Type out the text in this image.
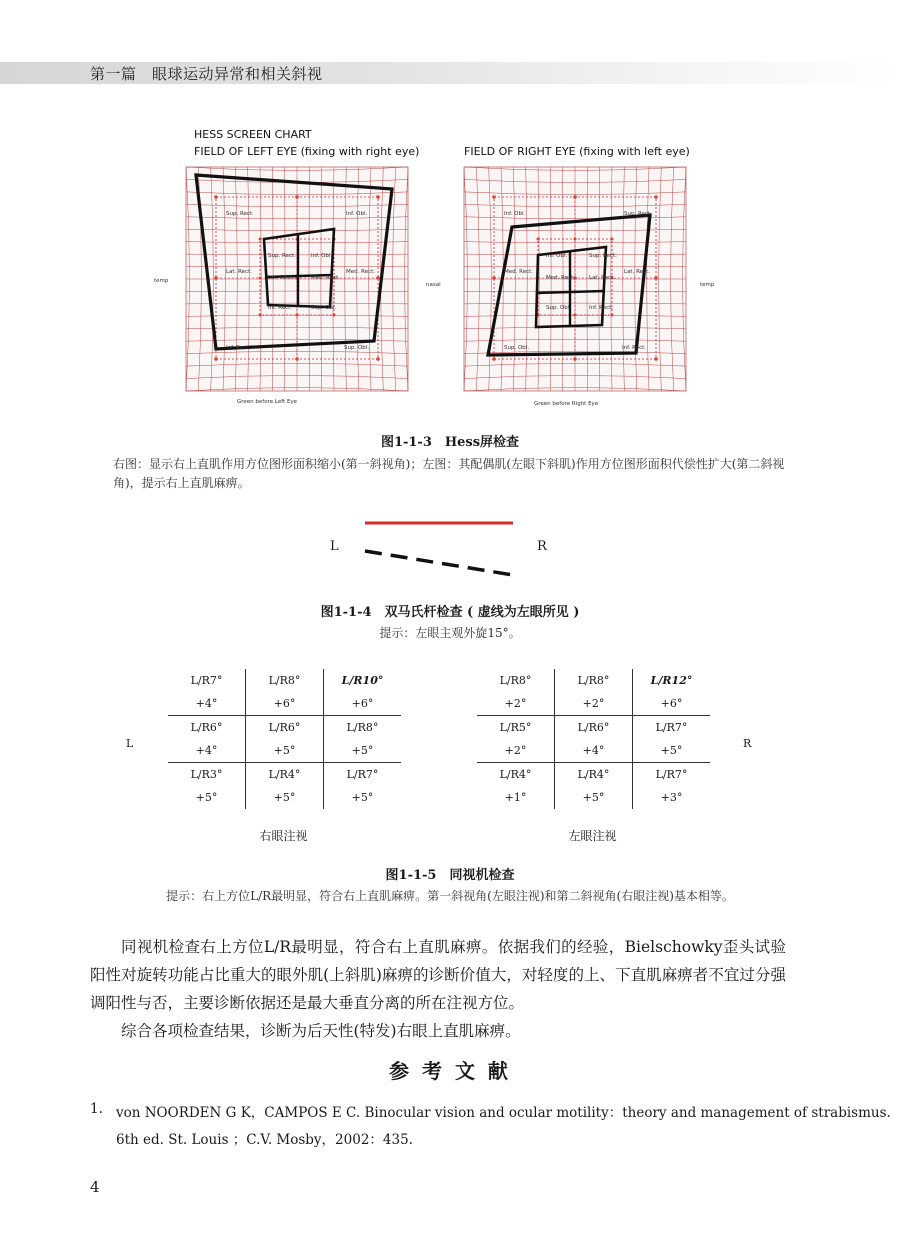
第一篇　眼球运动异常和相关斜视
HESS SCREEN CHART
FIELD OF LEFT EYE (fixing with right eye)	FIELD OF RIGHT EYE (fixing with left eye)
Sup. Rect.	Inf. Obl.
Sup. Rect.	Inf. Obl.
Lat. Rect.
Lat. Rect.	Med. Rect.
Med. Rect.
Inf. Rect.	Sup. Obl.
Inf. Rect.	Sup. Obl.
Inf. Obl.	Sup. Rect.
Inf. Obl.	Sup. Rect.
Med. Rect.
Med. Rect.	Lat. Rect.
Lat. Rect.
Sup. Obl.	Inf. Rect.
Sup. Obl.	Inf. Rect.
temp
nasal	temp
Green before Left Eye	Green before Right Eye
图1-1-3　Hess屏检查
右图：显示右上直肌作用方位图形面积缩小(第一斜视角)；左图：其配偶肌(左眼下斜肌)作用方位图形面积代偿性扩大(第二斜视角)，提示右上直肌麻痹。
L	R
图1-1-4　双马氏杆检查 ( 虚线为左眼所见 )
提示：左眼主观外旋15°。
L	R
L/R7°	L/R8°	L/R10°
+4°	+6°	+6°
L/R6°	L/R6°	L/R8°
+4°	+5°	+5°
L/R3°	L/R4°	L/R7°
+5°	+5°	+5°
L/R8°	L/R8°	L/R12°
+2°	+2°	+6°
L/R5°	L/R6°	L/R7°
+2°	+4°	+5°
L/R4°	L/R4°	L/R7°
+1°	+5°	+3°
右眼注视	左眼注视
图1-1-5　同视机检查
提示：右上方位L/R最明显，符合右上直肌麻痹。第一斜视角(左眼注视)和第二斜视角(右眼注视)基本相等。
同视机检查右上方位L/R最明显，符合右上直肌麻痹。依据我们的经验，Bielschowky歪头试验阳性对旋转功能占比重大的眼外肌(上斜肌)麻痹的诊断价值大，对轻度的上、下直肌麻痹者不宜过分强调阳性与否，主要诊断依据还是最大垂直分离的所在注视方位。
综合各项检查结果，诊断为后天性(特发)右眼上直肌麻痹。
参 考 文 献
1. von NOORDEN G K，CAMPOS E C. Binocular vision and ocular motility：theory and management of strabismus.
6th ed. St. Louis ；C.V. Mosby，2002：435.
4
